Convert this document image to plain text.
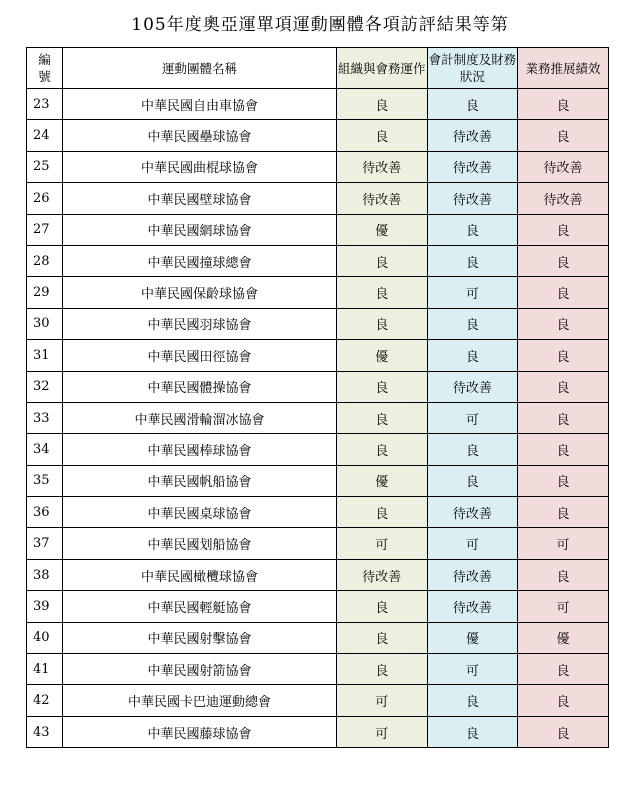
105年度奧亞運單項運動團體各項訪評結果等第
編
號	運動團體名稱	組織與會務運作	會計制度及財務狀況	業務推展績效
23	中華民國自由車協會	良	良	良
24	中華民國壘球協會	良	待改善	良
25	中華民國曲棍球協會	待改善	待改善	待改善
26	中華民國壁球協會	待改善	待改善	待改善
27	中華民國網球協會	優	良	良
28	中華民國撞球總會	良	良	良
29	中華民國保齡球協會	良	可	良
30	中華民國羽球協會	良	良	良
31	中華民國田徑協會	優	良	良
32	中華民國體操協會	良	待改善	良
33	中華民國滑輪溜冰協會	良	可	良
34	中華民國棒球協會	良	良	良
35	中華民國帆船協會	優	良	良
36	中華民國桌球協會	良	待改善	良
37	中華民國划船協會	可	可	可
38	中華民國橄欖球協會	待改善	待改善	良
39	中華民國輕艇協會	良	待改善	可
40	中華民國射擊協會	良	優	優
41	中華民國射箭協會	良	可	良
42	中華民國卡巴迪運動總會	可	良	良
43	中華民國藤球協會	可	良	良
